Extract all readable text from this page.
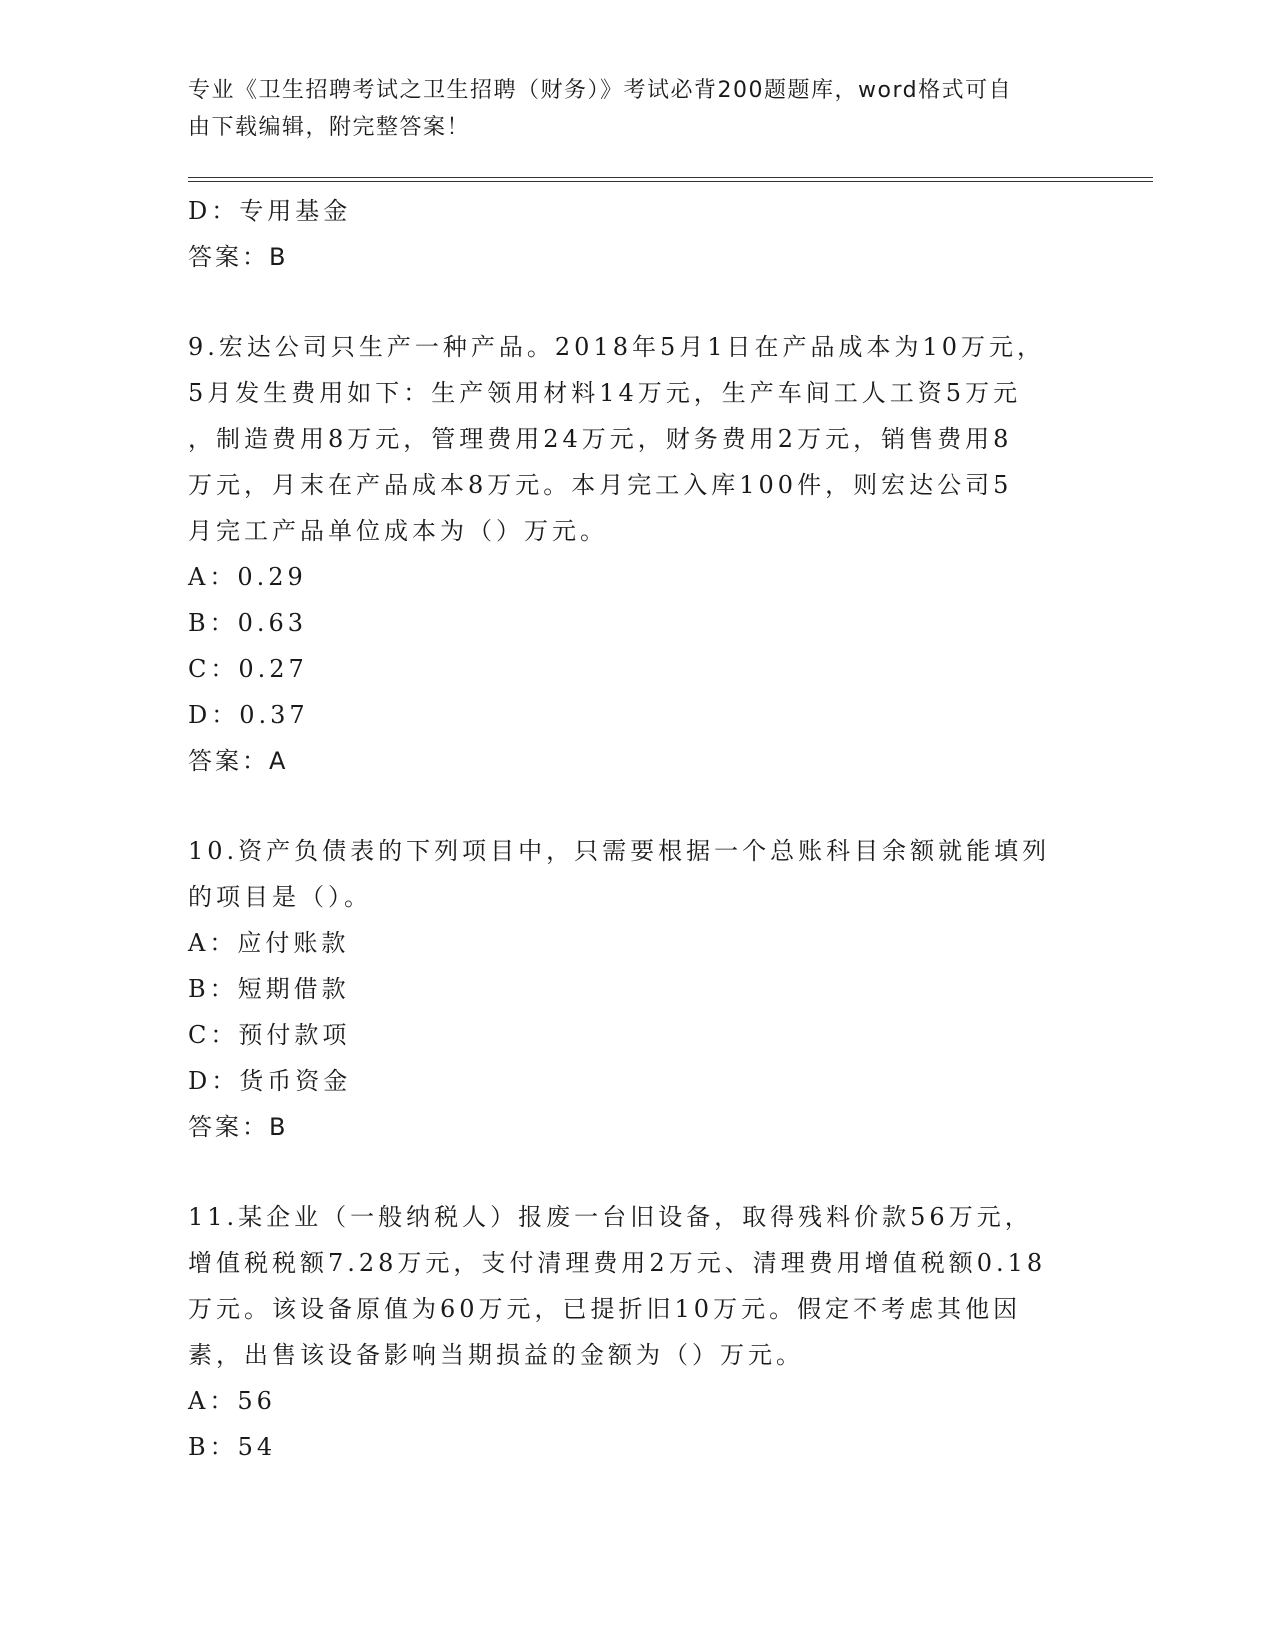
专业《卫生招聘考试之卫生招聘（财务）》考试必背200题题库，word格式可自
由下载编辑，附完整答案！
D：专用基金
答案：B
9.宏达公司只生产一种产品。2018年5月1日在产品成本为10万元，
5月发生费用如下：生产领用材料14万元，生产车间工人工资5万元
，制造费用8万元，管理费用24万元，财务费用2万元，销售费用8
万元，月末在产品成本8万元。本月完工入库100件，则宏达公司5
月完工产品单位成本为（）万元。
A：0.29
B：0.63
C：0.27
D：0.37
答案：A
10.资产负债表的下列项目中，只需要根据一个总账科目余额就能填列
的项目是（）。
A：应付账款
B：短期借款
C：预付款项
D：货币资金
答案：B
11.某企业（一般纳税人）报废一台旧设备，取得残料价款56万元，
增值税税额7.28万元，支付清理费用2万元、清理费用增值税额0.18
万元。该设备原值为60万元，已提折旧10万元。假定不考虑其他因
素，出售该设备影响当期损益的金额为（）万元。
A：56
B：54
